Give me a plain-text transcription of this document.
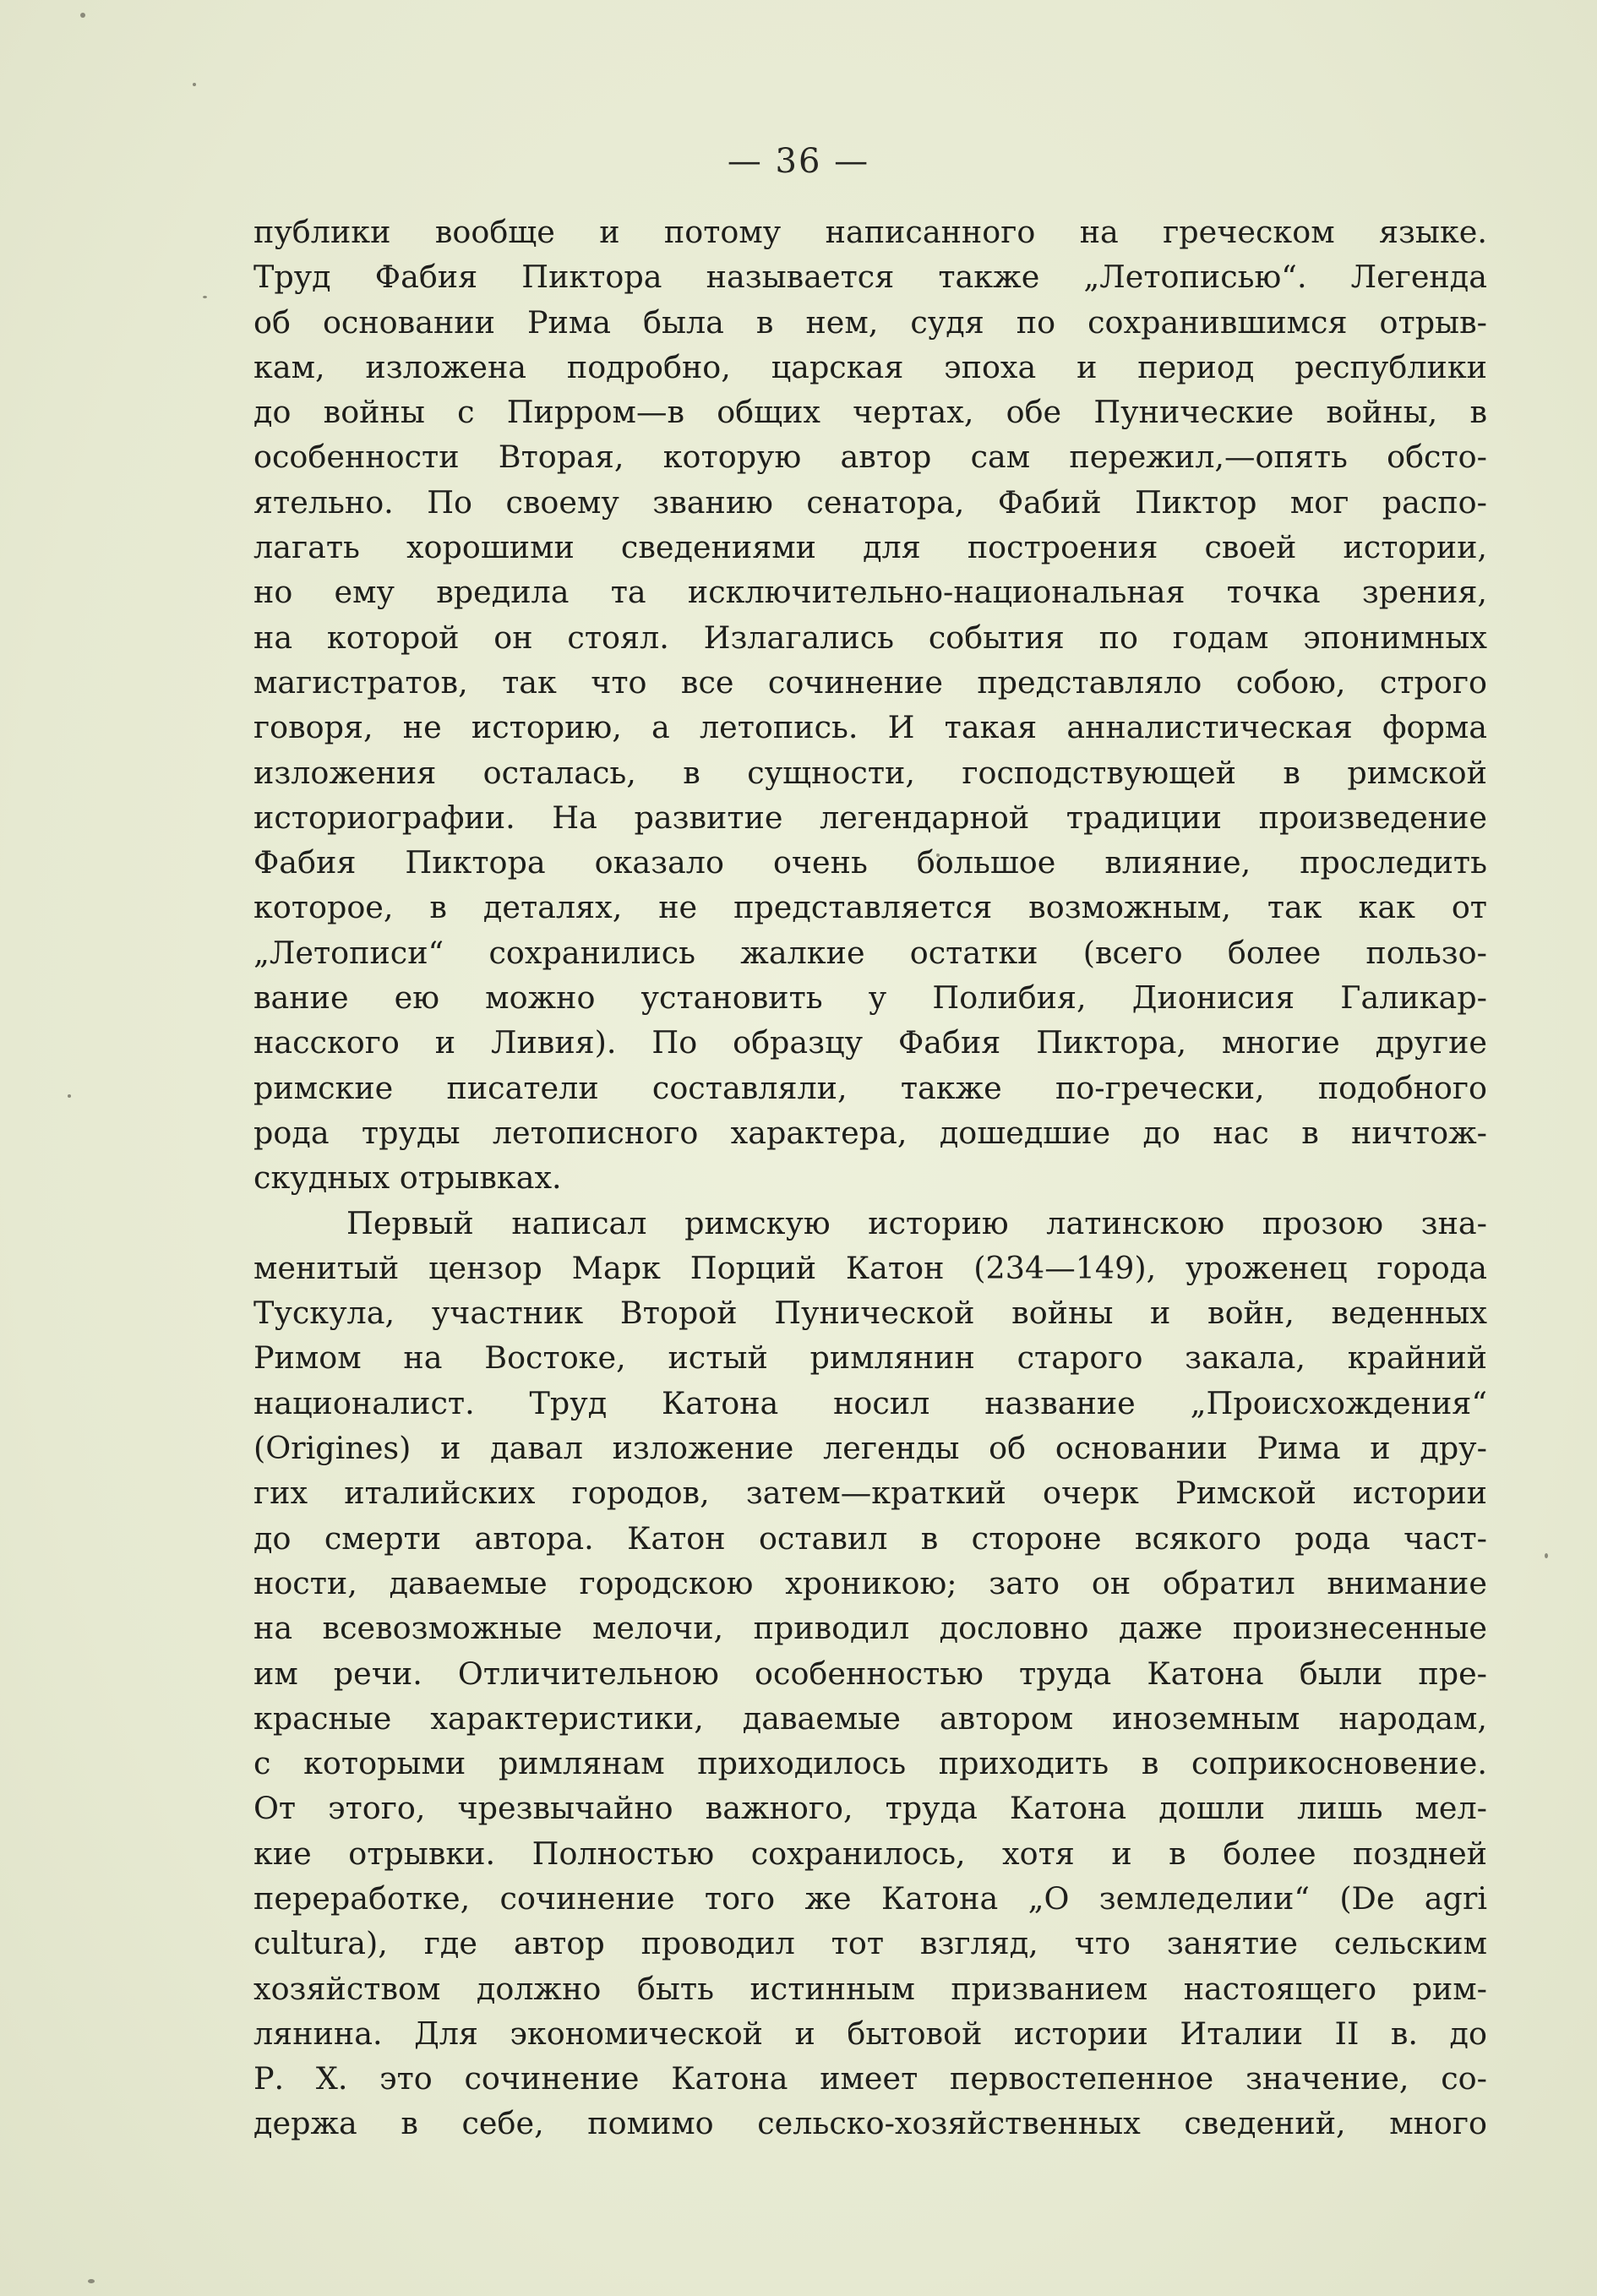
— 36 —
публики вообще и потому написанного на греческом языке.
Труд Фабия Пиктора называется также „Летописью“. Легенда
об основании Рима была в нем, судя по сохранившимся отрыв-
кам, изложена подробно, царская эпоха и период республики
до войны с Пирром—в общих чертах, обе Пунические войны, в
особенности Вторая, которую автор сам пережил,—опять обсто-
ятельно. По своему званию сенатора, Фабий Пиктор мог распо-
лагать хорошими сведениями для построения своей истории,
но ему вредила та исключительно-национальная точка зрения,
на которой он стоял. Излагались события по годам эпонимных
магистратов, так что все сочинение представляло собою, строго
говоря, не историю, а летопись. И такая анналистическая форма
изложения осталась, в сущности, господствующей в римской
историографии. На развитие легендарной традиции произведение
Фабия Пиктора оказало очень большое влияние, проследить
которое, в деталях, не представляется возможным, так как от
„Летописи“ сохранились жалкие остатки (всего более пользо-
вание ею можно установить у Полибия, Дионисия Галикар-
насского и Ливия). По образцу Фабия Пиктора, многие другие
римские писатели составляли, также по-гречески, подобного
рода труды летописного характера, дошедшие до нас в ничтож-
скудных отрывках.
Первый написал римскую историю латинскою прозою зна-
менитый цензор Марк Порций Катон (234—149), уроженец города
Тускула, участник Второй Пунической войны и войн, веденных
Римом на Востоке, истый римлянин старого закала, крайний
националист. Труд Катона носил название „Происхождения“
(Origines) и давал изложение легенды об основании Рима и дру-
гих италийских городов, затем—краткий очерк Римской истории
до смерти автора. Катон оставил в стороне всякого рода част-
ности, даваемые городскою хроникою; зато он обратил внимание
на всевозможные мелочи, приводил дословно даже произнесенные
им речи. Отличительною особенностью труда Катона были пре-
красные характеристики, даваемые автором иноземным народам,
с которыми римлянам приходилось приходить в соприкосновение.
От этого, чрезвычайно важного, труда Катона дошли лишь мел-
кие отрывки. Полностью сохранилось, хотя и в более поздней
переработке, сочинение того же Катона „О земледелии“ (De agri
cultura), где автор проводил тот взгляд, что занятие сельским
хозяйством должно быть истинным призванием настоящего рим-
лянина. Для экономической и бытовой истории Италии II в. до
Р. Х. это сочинение Катона имеет первостепенное значение, со-
держа в себе, помимо сельско-хозяйственных сведений, много
